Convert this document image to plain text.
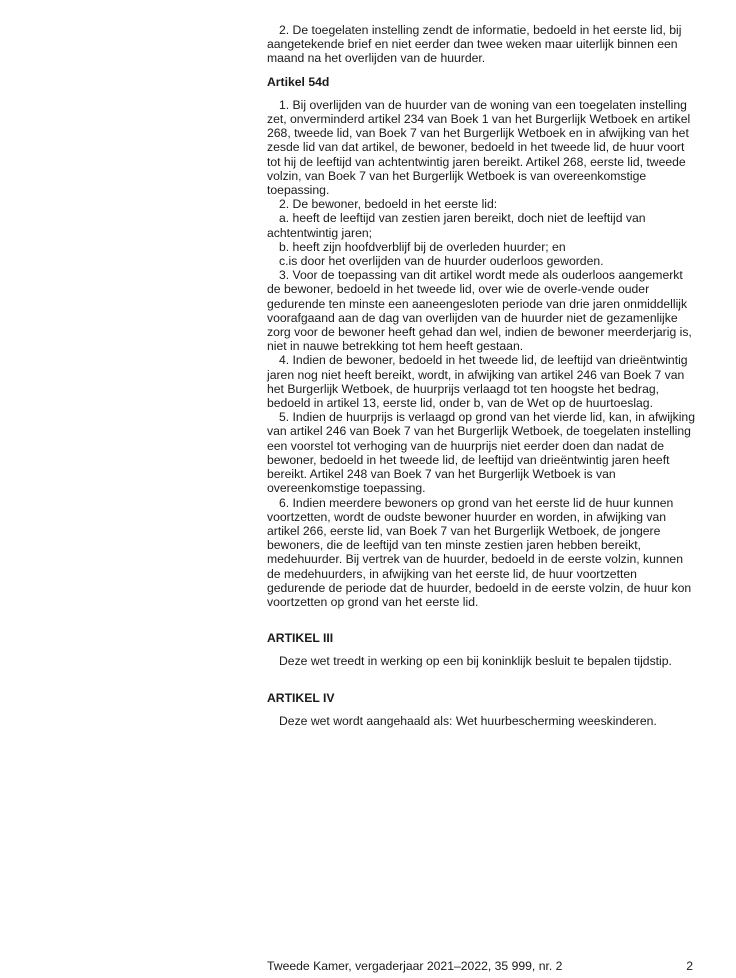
2. De toegelaten instelling zendt de informatie, bedoeld in het eerste lid, bij aangetekende brief en niet eerder dan twee weken maar uiterlijk binnen een maand na het overlijden van de huurder.

Artikel 54d

1. Bij overlijden van de huurder van de woning van een toegelaten instelling zet, onverminderd artikel 234 van Boek 1 van het Burgerlijk Wetboek en artikel 268, tweede lid, van Boek 7 van het Burgerlijk Wetboek en in afwijking van het zesde lid van dat artikel, de bewoner, bedoeld in het tweede lid, de huur voort tot hij de leeftijd van achtentwintig jaren bereikt. Artikel 268, eerste lid, tweede volzin, van Boek 7 van het Burgerlijk Wetboek is van overeenkomstige toepassing.

2. De bewoner, bedoeld in het eerste lid:

a. heeft de leeftijd van zestien jaren bereikt, doch niet de leeftijd van achtentwintig jaren;

b. heeft zijn hoofdverblijf bij de overleden huurder; en

c.is door het overlijden van de huurder ouderloos geworden.

3. Voor de toepassing van dit artikel wordt mede als ouderloos aangemerkt de bewoner, bedoeld in het tweede lid, over wie de overle-vende ouder gedurende ten minste een aaneengesloten periode van drie jaren onmiddellijk voorafgaand aan de dag van overlijden van de huurder niet de gezamenlijke zorg voor de bewoner heeft gehad dan wel, indien de bewoner meerderjarig is, niet in nauwe betrekking tot hem heeft gestaan.

4. Indien de bewoner, bedoeld in het tweede lid, de leeftijd van drieëntwintig jaren nog niet heeft bereikt, wordt, in afwijking van artikel 246 van Boek 7 van het Burgerlijk Wetboek, de huurprijs verlaagd tot ten hoogste het bedrag, bedoeld in artikel 13, eerste lid, onder b, van de Wet op de huurtoeslag.

5. Indien de huurprijs is verlaagd op grond van het vierde lid, kan, in afwijking van artikel 246 van Boek 7 van het Burgerlijk Wetboek, de toegelaten instelling een voorstel tot verhoging van de huurprijs niet eerder doen dan nadat de bewoner, bedoeld in het tweede lid, de leeftijd van drieëntwintig jaren heeft bereikt. Artikel 248 van Boek 7 van het Burgerlijk Wetboek is van overeenkomstige toepassing.

6. Indien meerdere bewoners op grond van het eerste lid de huur kunnen voortzetten, wordt de oudste bewoner huurder en worden, in afwijking van artikel 266, eerste lid, van Boek 7 van het Burgerlijk Wetboek, de jongere bewoners, die de leeftijd van ten minste zestien jaren hebben bereikt, medehuurder. Bij vertrek van de huurder, bedoeld in de eerste volzin, kunnen de medehuurders, in afwijking van het eerste lid, de huur voortzetten gedurende de periode dat de huurder, bedoeld in de eerste volzin, de huur kon voortzetten op grond van het eerste lid.

ARTIKEL III

Deze wet treedt in werking op een bij koninklijk besluit te bepalen tijdstip.

ARTIKEL IV

Deze wet wordt aangehaald als: Wet huurbescherming weeskinderen.

Tweede Kamer, vergaderjaar 2021–2022, 35 999, nr. 2	2
